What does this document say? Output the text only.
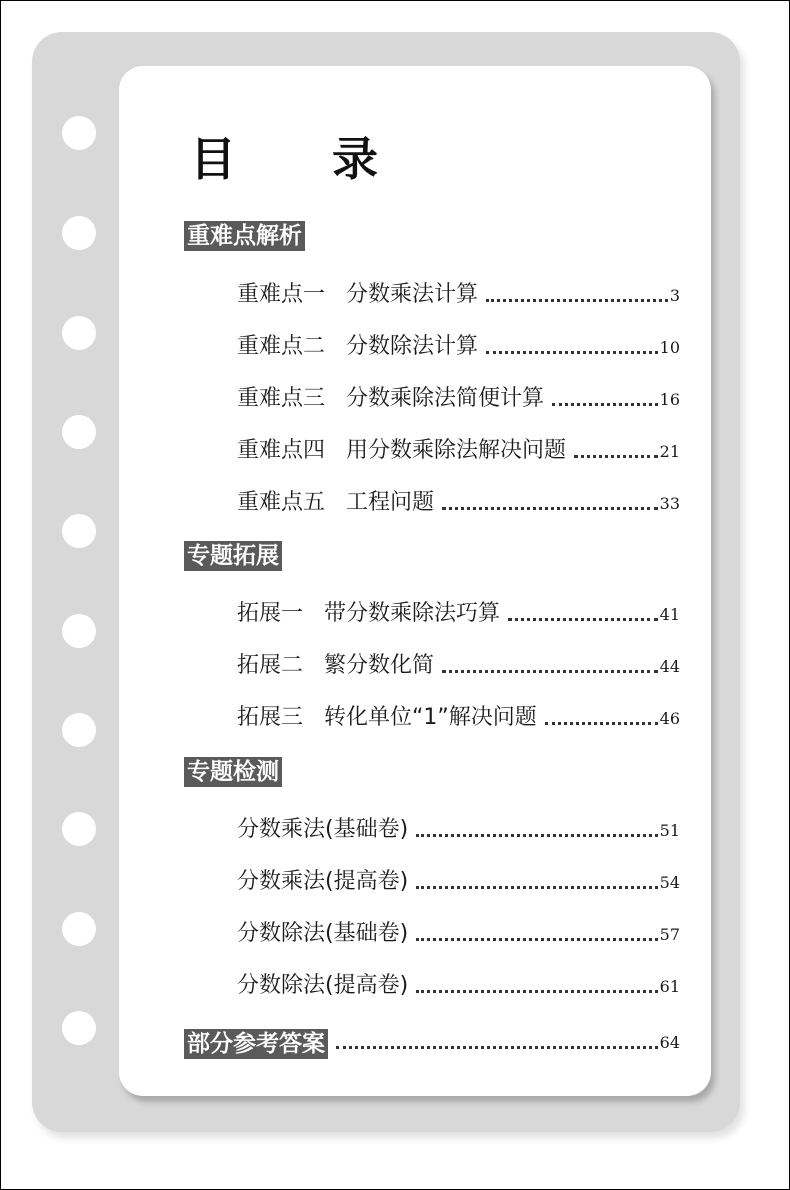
目 录
重难点解析
重难点一   分数乘法计算	3
重难点二   分数除法计算	10
重难点三   分数乘除法简便计算	16
重难点四   用分数乘除法解决问题	21
重难点五   工程问题	33
专题拓展
拓展一   带分数乘除法巧算	41
拓展二   繁分数化简	44
拓展三   转化单位“1”解决问题	46
专题检测
分数乘法(基础卷)	51
分数乘法(提高卷)	54
分数除法(基础卷)	57
分数除法(提高卷)	61
部分参考答案	64
